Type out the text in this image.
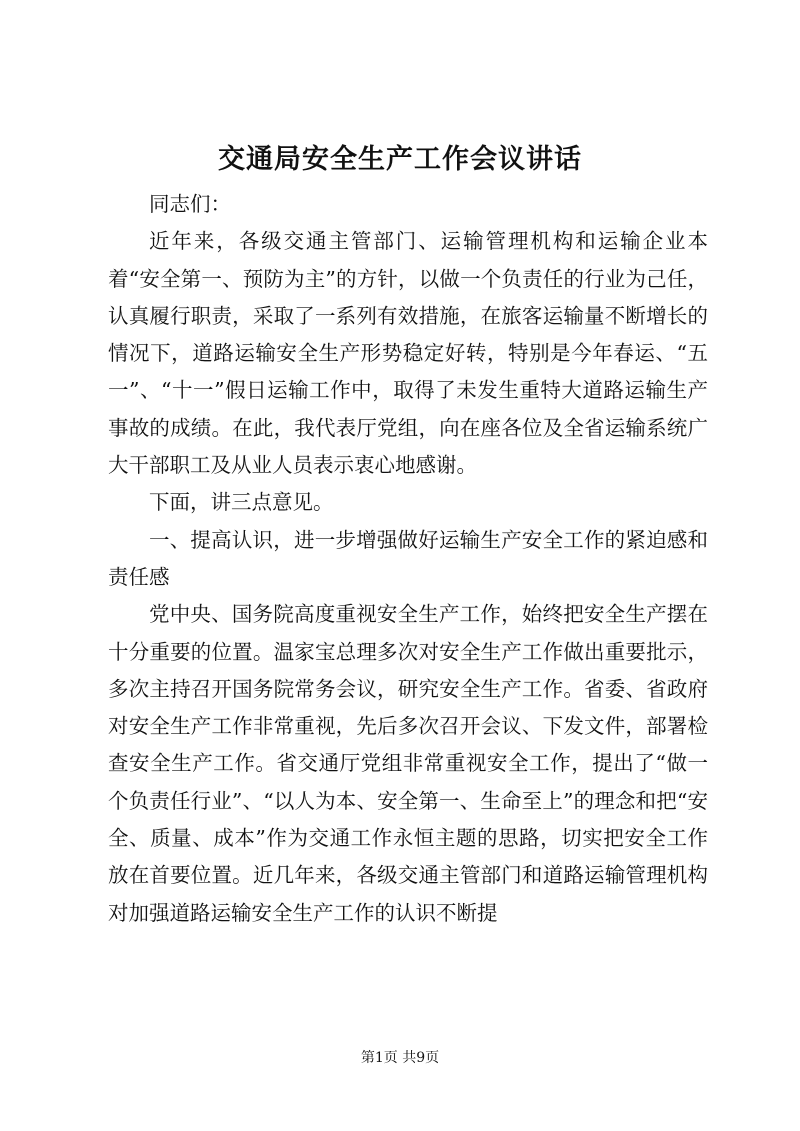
交通局安全生产工作会议讲话

同志们：

近年来，各级交通主管部门、运输管理机构和运输企业本着“安全第一、预防为主”的方针，以做一个负责任的行业为己任，认真履行职责，采取了一系列有效措施，在旅客运输量不断增长的情况下，道路运输安全生产形势稳定好转，特别是今年春运、“五一”、“十一”假日运输工作中，取得了未发生重特大道路运输生产事故的成绩。在此，我代表厅党组，向在座各位及全省运输系统广大干部职工及从业人员表示衷心地感谢。

下面，讲三点意见。

一、提高认识，进一步增强做好运输生产安全工作的紧迫感和责任感

党中央、国务院高度重视安全生产工作，始终把安全生产摆在十分重要的位置。温家宝总理多次对安全生产工作做出重要批示，多次主持召开国务院常务会议，研究安全生产工作。省委、省政府对安全生产工作非常重视，先后多次召开会议、下发文件，部署检查安全生产工作。省交通厅党组非常重视安全工作，提出了“做一个负责任行业”、“以人为本、安全第一、生命至上”的理念和把“安全、质量、成本”作为交通工作永恒主题的思路，切实把安全工作放在首要位置。近几年来，各级交通主管部门和道路运输管理机构对加强道路运输安全生产工作的认识不断提

第1页 共9页
